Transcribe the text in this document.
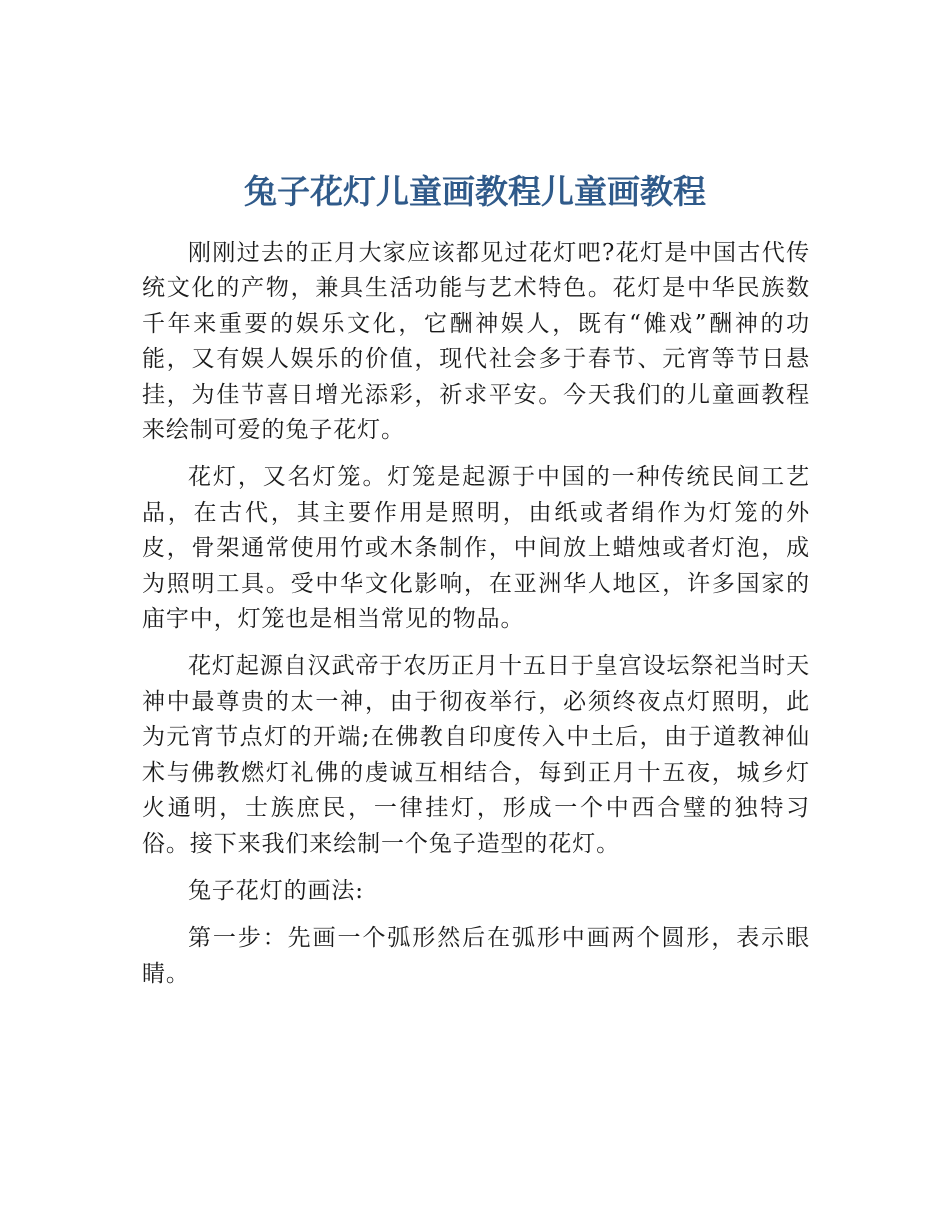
兔子花灯儿童画教程儿童画教程

刚刚过去的正月大家应该都见过花灯吧?花灯是中国古代传统文化的产物，兼具生活功能与艺术特色。花灯是中华民族数千年来重要的娱乐文化，它酬神娱人，既有“傩戏”酬神的功能，又有娱人娱乐的价值，现代社会多于春节、元宵等节日悬挂，为佳节喜日增光添彩，祈求平安。今天我们的儿童画教程来绘制可爱的兔子花灯。

花灯，又名灯笼。灯笼是起源于中国的一种传统民间工艺品，在古代，其主要作用是照明，由纸或者绢作为灯笼的外皮，骨架通常使用竹或木条制作，中间放上蜡烛或者灯泡，成为照明工具。受中华文化影响，在亚洲华人地区，许多国家的庙宇中，灯笼也是相当常见的物品。

花灯起源自汉武帝于农历正月十五日于皇宫设坛祭祀当时天神中最尊贵的太一神，由于彻夜举行，必须终夜点灯照明，此为元宵节点灯的开端;在佛教自印度传入中土后，由于道教神仙术与佛教燃灯礼佛的虔诚互相结合，每到正月十五夜，城乡灯火通明，士族庶民，一律挂灯，形成一个中西合璧的独特习俗。接下来我们来绘制一个兔子造型的花灯。

兔子花灯的画法:

第一步：先画一个弧形然后在弧形中画两个圆形，表示眼睛。
